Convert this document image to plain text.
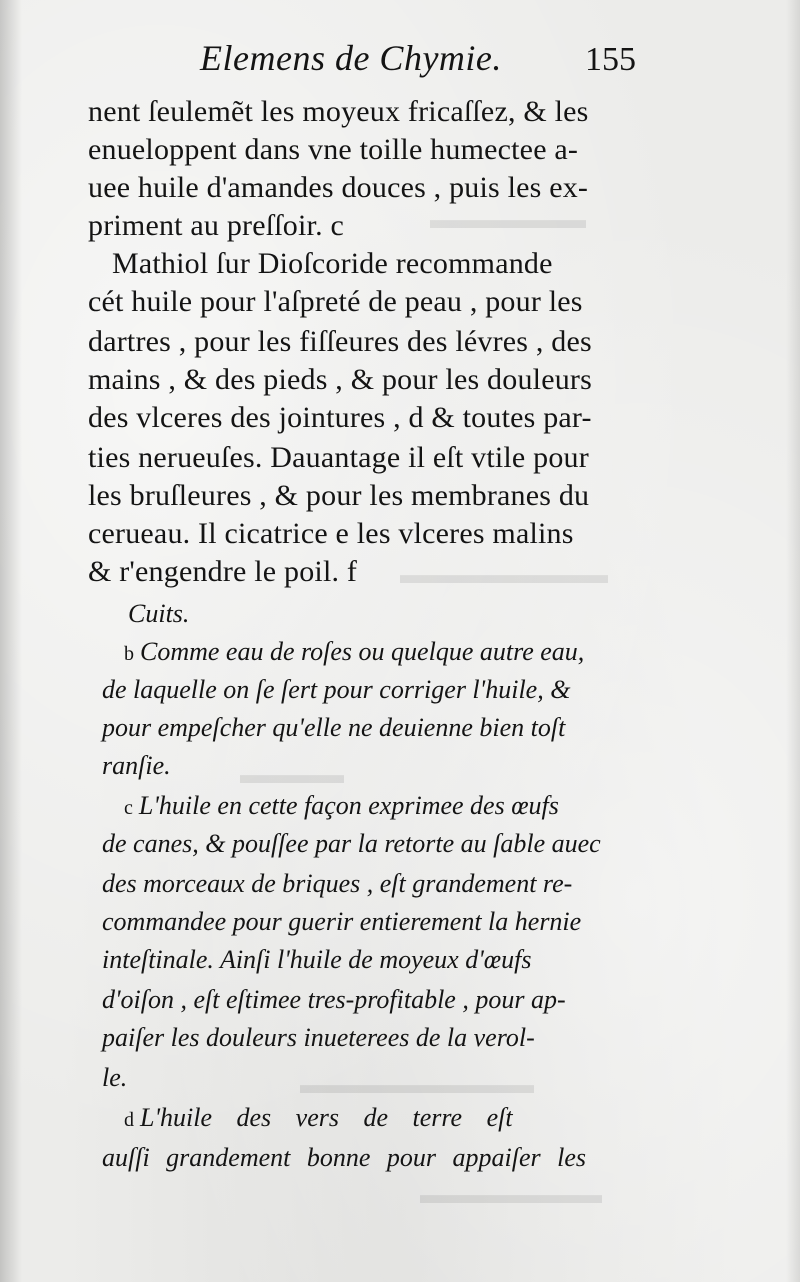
▬▬▬▬▬▬
▬▬▬▬▬▬▬▬
▬▬▬▬
▬▬▬▬▬▬▬▬▬
▬▬▬▬▬▬▬
Elemens de Chymie. 155
nent ſeulemẽt les moyeux fricaſſez, & les
enueloppent dans vne toille humectee a-
uee huile d'amandes douces , puis les ex-
priment au preſſoir. c
Mathiol ſur Dioſcoride recommande
cét huile pour l'aſpreté de peau , pour les
dartres , pour les fiſſeures des lévres , des
mains , & des pieds , & pour les douleurs
des vlceres des jointures , d & toutes par-
ties nerueuſes. Dauantage il eſt vtile pour
les bruſleures , & pour les membranes du
cerueau. Il cicatrice e les vlceres malins
& r'engendre le poil. f
Cuits.
b Comme eau de roſes ou quelque autre eau,
de laquelle on ſe ſert pour corriger l'huile, &
pour empeſcher qu'elle ne deuienne bien toſt
ranſie.
c L'huile en cette façon exprimee des œufs
de canes, & pouſſee par la retorte au ſable auec
des morceaux de briques , eſt grandement re-
commandee pour guerir entierement la hernie
inteſtinale. Ainſi l'huile de moyeux d'œufs
d'oiſon , eſt eſtimee tres-profitable , pour ap-
paiſer les douleurs inueterees de la verol-
le.
d L'huile des vers de terre eſt
auſſi grandement bonne pour appaiſer les
